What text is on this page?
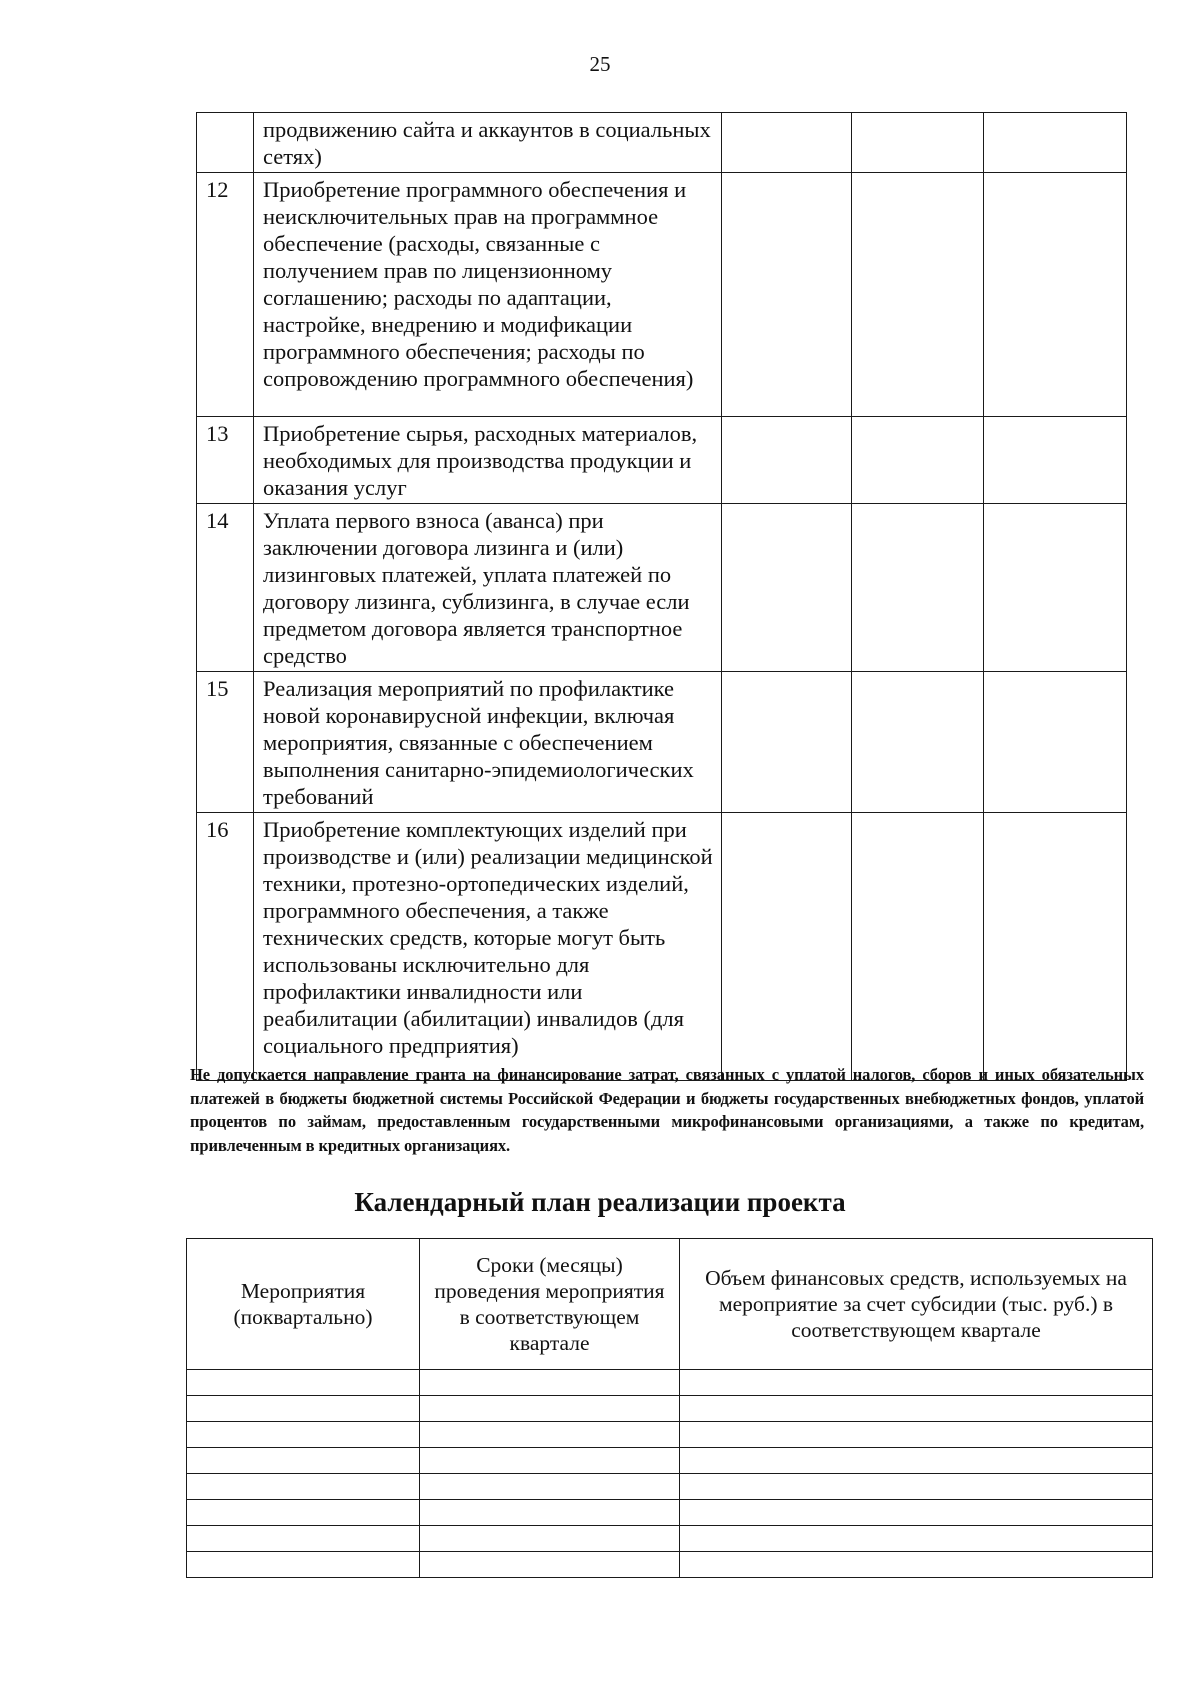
25
	продвижению сайта и аккаунтов в социальных сетях)			
12	Приобретение программного обеспечения и неисключительных прав на программное обеспечение (расходы, связанные с получением прав по лицензионному соглашению; расходы по адаптации, настройке, внедрению и модификации программного обеспечения; расходы по сопровождению программного обеспечения)			
13	Приобретение сырья, расходных материалов, необходимых для производства продукции и оказания услуг			
14	Уплата первого взноса (аванса) при заключении договора лизинга и (или) лизинговых платежей, уплата платежей по договору лизинга, сублизинга, в случае если предметом договора является транспортное средство			
15	Реализация мероприятий по профилактике новой коронавирусной инфекции, включая мероприятия, связанные с обеспечением выполнения санитарно-эпидемиологических требований			
16	Приобретение комплектующих изделий при производстве и (или) реализации медицинской техники, протезно-ортопедических изделий, программного обеспечения, а также технических средств, которые могут быть использованы исключительно для профилактики инвалидности или реабилитации (абилитации) инвалидов (для социального предприятия)			
Не допускается направление гранта на финансирование затрат, связанных с уплатой налогов, сборов и иных обязательных платежей в бюджеты бюджетной системы Российской Федерации и бюджеты государственных внебюджетных фондов, уплатой процентов по займам, предоставленным государственными микрофинансовыми организациями, а также по кредитам, привлеченным в кредитных организациях.
Календарный план реализации проекта
Мероприятия (поквартально)	Сроки (месяцы) проведения мероприятия в соответствующем квартале	Объем финансовых средств, используемых на мероприятие за счет субсидии (тыс. руб.) в соответствующем квартале
